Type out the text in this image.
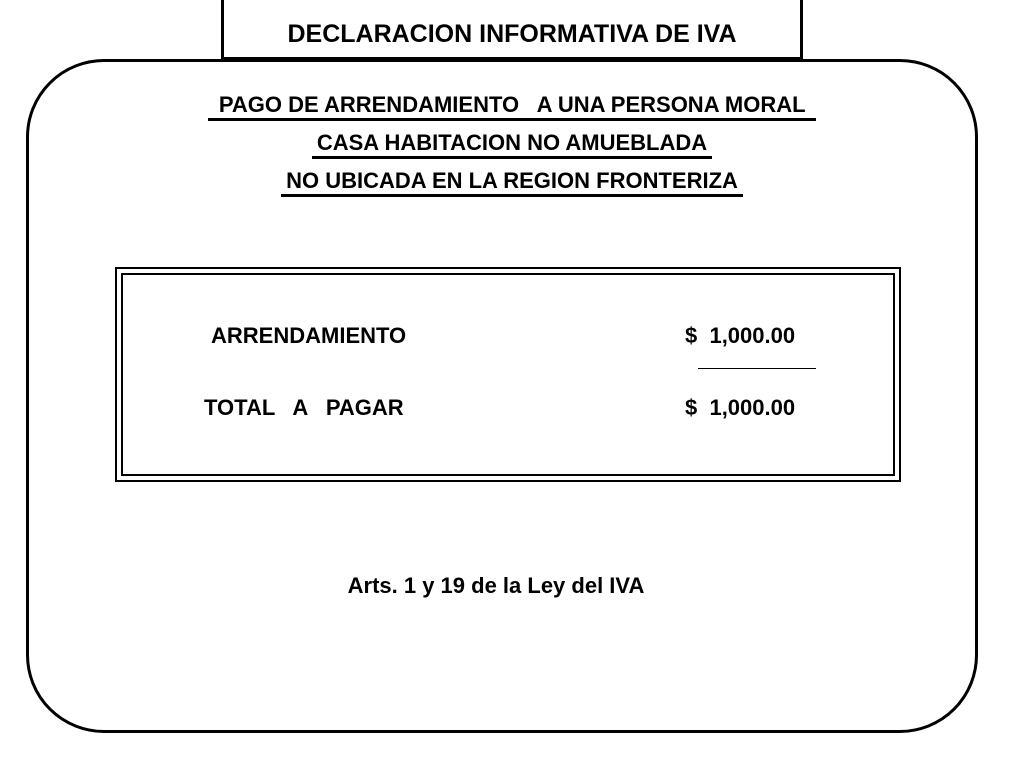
DECLARACION INFORMATIVA DE IVA
PAGO DE ARRENDAMIENTO   A UNA PERSONA MORAL
CASA HABITACION NO AMUEBLADA
NO UBICADA EN LA REGION FRONTERIZA
ARRENDAMIENTO	$  1,000.00
TOTAL   A   PAGAR	$  1,000.00
Arts. 1 y 19 de la Ley del IVA
